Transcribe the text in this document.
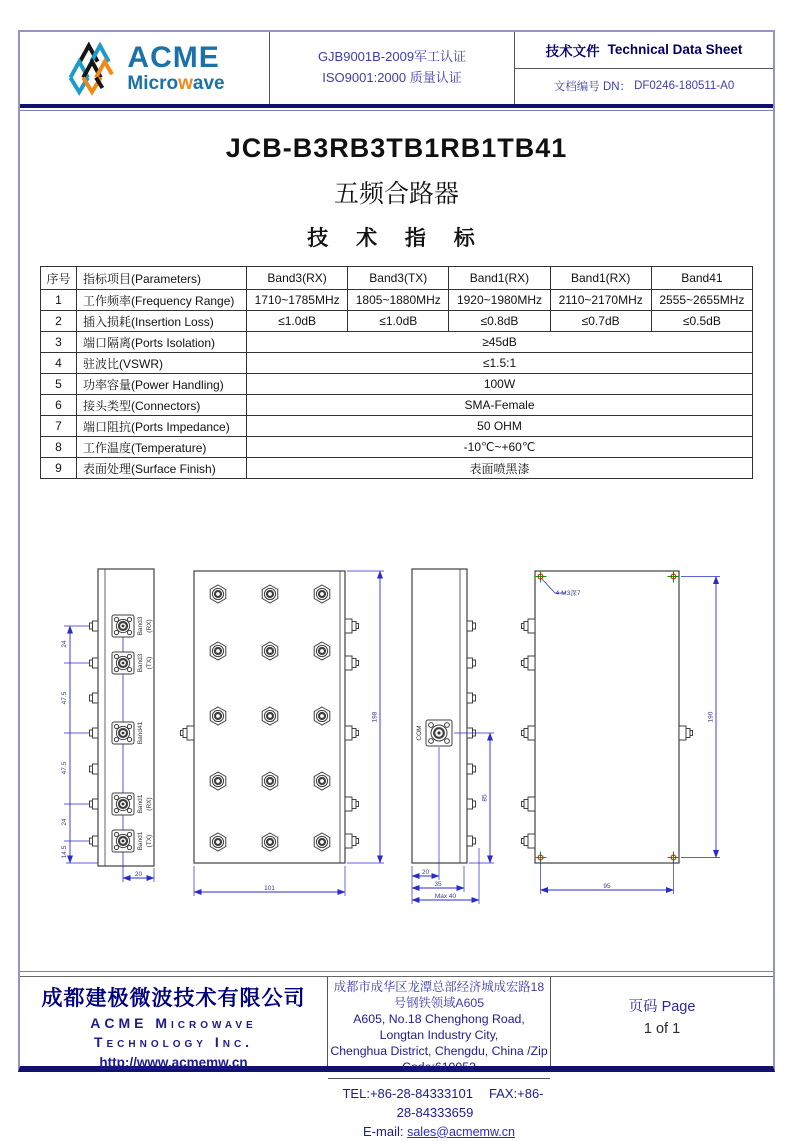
ACME
Microwave
GJB9001B-2009军工认证
ISO9001:2000 质量认证
技术文件 Technical Data Sheet
文档编号 DN： DF0246-180511-A0
JCB-B3RB3TB1RB1TB41
五频合路器
技 术 指 标
序号	指标项目(Parameters)	Band3(RX)	Band3(TX)	Band1(RX)	Band1(RX)	Band41
1	工作频率(Frequency Range)	1710~1785MHz	1805~1880MHz	1920~1980MHz	2110~2170MHz	2555~2655MHz
2	插入损耗(Insertion Loss)	≤1.0dB	≤1.0dB	≤0.8dB	≤0.7dB	≤0.5dB
3	端口隔离(Ports Isolation)	≥45dB				
4	驻波比(VSWR)	≤1.5:1				
5	功率容量(Power Handling)	100W				
6	接头类型(Connectors)	SMA-Female				
7	端口阻抗(Ports Impedance)	50 OHM				
8	工作温度(Temperature)	-10℃~+60℃				
9	表面处理(Surface Finish)	表面喷黑漆				
24
47.5
47.5
24
14.5
Band3 (RX)
Band3 (TX)
Band41
Band1 (RX)
Band1 (TX)
20
101
198
COM
20
35
Max 40
85
4-M3深7
190
95
成都建极微波技术有限公司
ACME Microwave
Technology Inc.
http://www.acmemw.cn
成都市成华区龙潭总部经济城成宏路18号钢铁领域A605
A605, No.18 Chenghong Road, Longtan Industry City,
Chenghua District, Chengdu, China /Zip Code:610052
TEL:+86-28-84333101 FAX:+86-28-84333659
E-mail: sales@acmemw.cn
页码 Page
1 of 1
